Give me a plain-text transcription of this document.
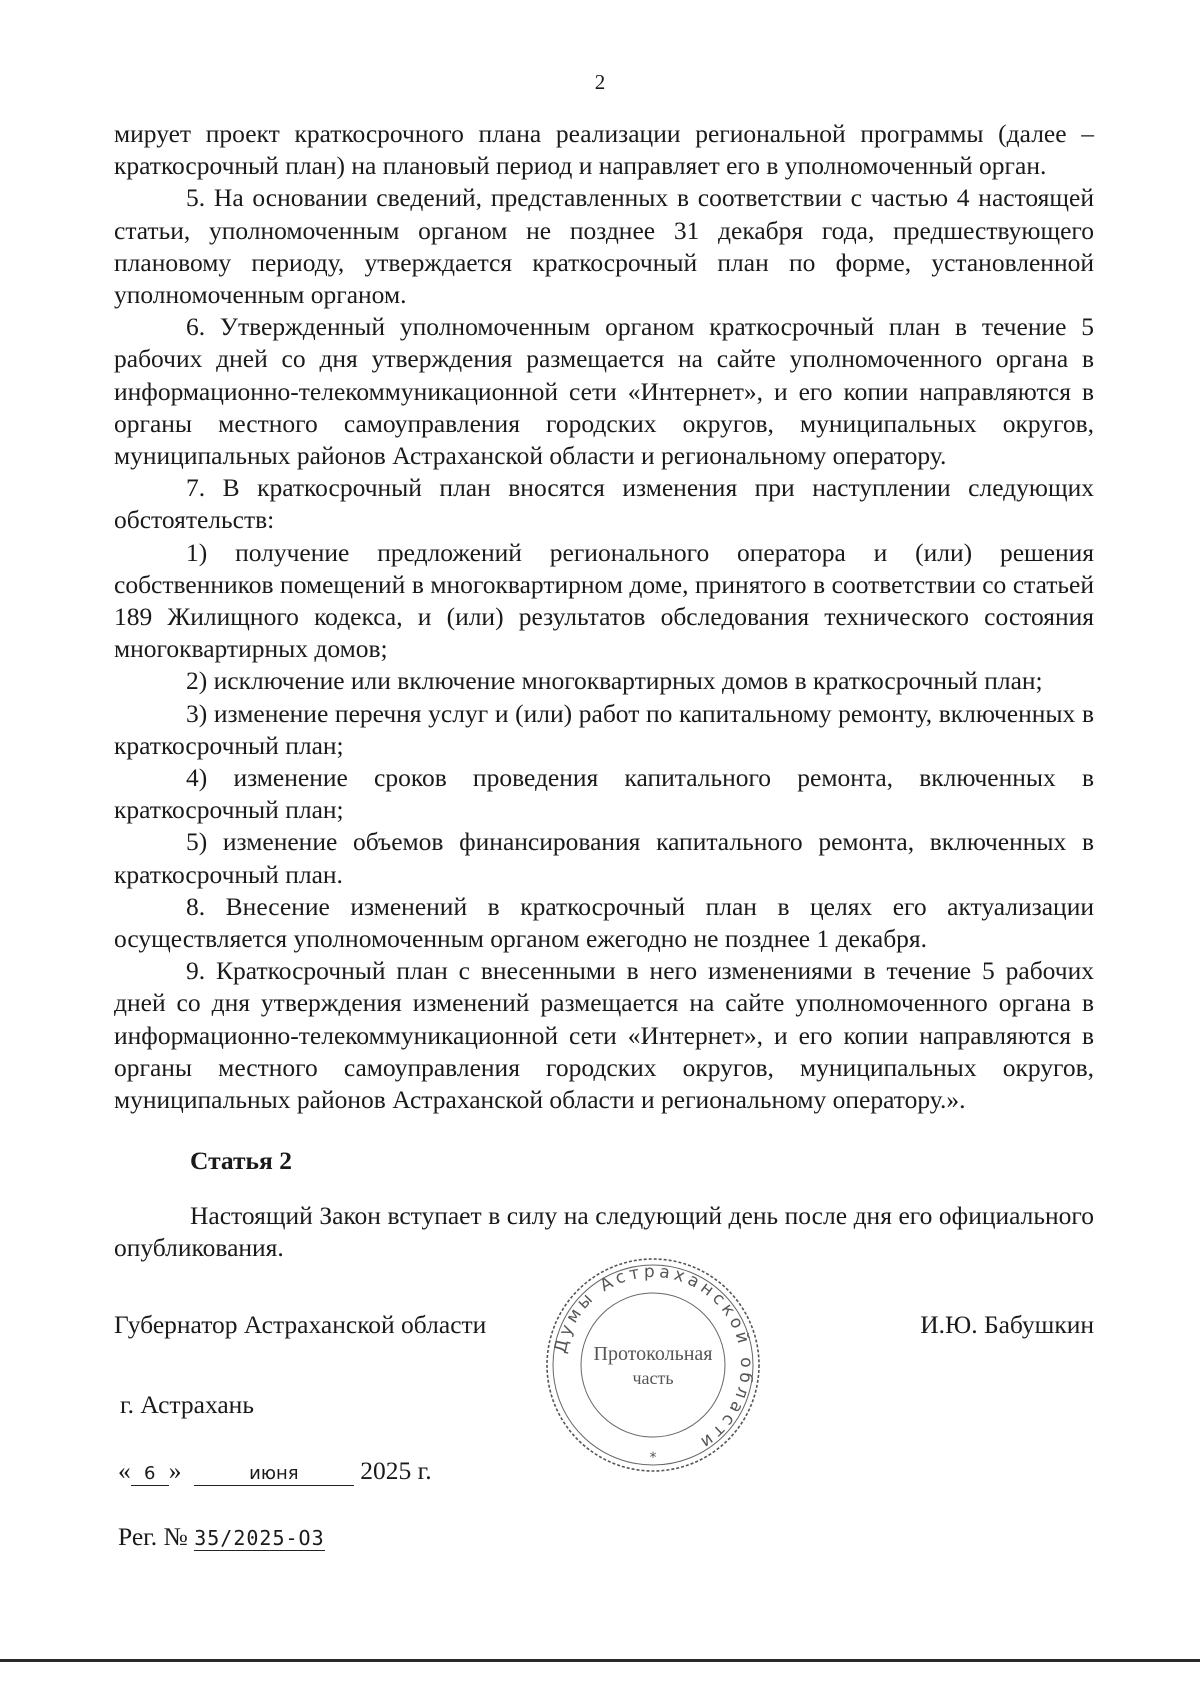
2

мирует проект краткосрочного плана реализации региональной программы (далее – краткосрочный план) на плановый период и направляет его в уполномоченный орган.

5. На основании сведений, представленных в соответствии с частью 4 настоящей статьи, уполномоченным органом не позднее 31 декабря года, предшествующего плановому периоду, утверждается краткосрочный план по форме, установленной уполномоченным органом.

6. Утвержденный уполномоченным органом краткосрочный план в течение 5 рабочих дней со дня утверждения размещается на сайте уполномоченного органа в информационно-телекоммуникационной сети «Интернет», и его копии направляются в органы местного самоуправления городских округов, муниципальных округов, муниципальных районов Астраханской области и региональному оператору.

7. В краткосрочный план вносятся изменения при наступлении следующих обстоятельств:

1) получение предложений регионального оператора и (или) решения собственников помещений в многоквартирном доме, принятого в соответствии со статьей 189 Жилищного кодекса, и (или) результатов обследования технического состояния многоквартирных домов;

2) исключение или включение многоквартирных домов в краткосрочный план;

3) изменение перечня услуг и (или) работ по капитальному ремонту, включенных в краткосрочный план;

4) изменение сроков проведения капитального ремонта, включенных в краткосрочный план;

5) изменение объемов финансирования капитального ремонта, включенных в краткосрочный план.

8. Внесение изменений в краткосрочный план в целях его актуализации осуществляется уполномоченным органом ежегодно не позднее 1 декабря.

9. Краткосрочный план с внесенными в него изменениями в течение 5 рабочих дней со дня утверждения изменений размещается на сайте уполномоченного органа в информационно-телекоммуникационной сети «Интернет», и его копии направляются в органы местного самоуправления городских округов, муниципальных округов, муниципальных районов Астраханской области и региональному оператору.».

Статья 2
Настоящий Закон вступает в силу на следующий день после дня его официального опубликования.
Губернатор Астраханской области	И.Ю. Бабушкин
г. Астрахань
« 6 »	июня 2025 г.
Рег. № 35/2025-ОЗ
Думы Астраханской области
Протокольная
часть
*
